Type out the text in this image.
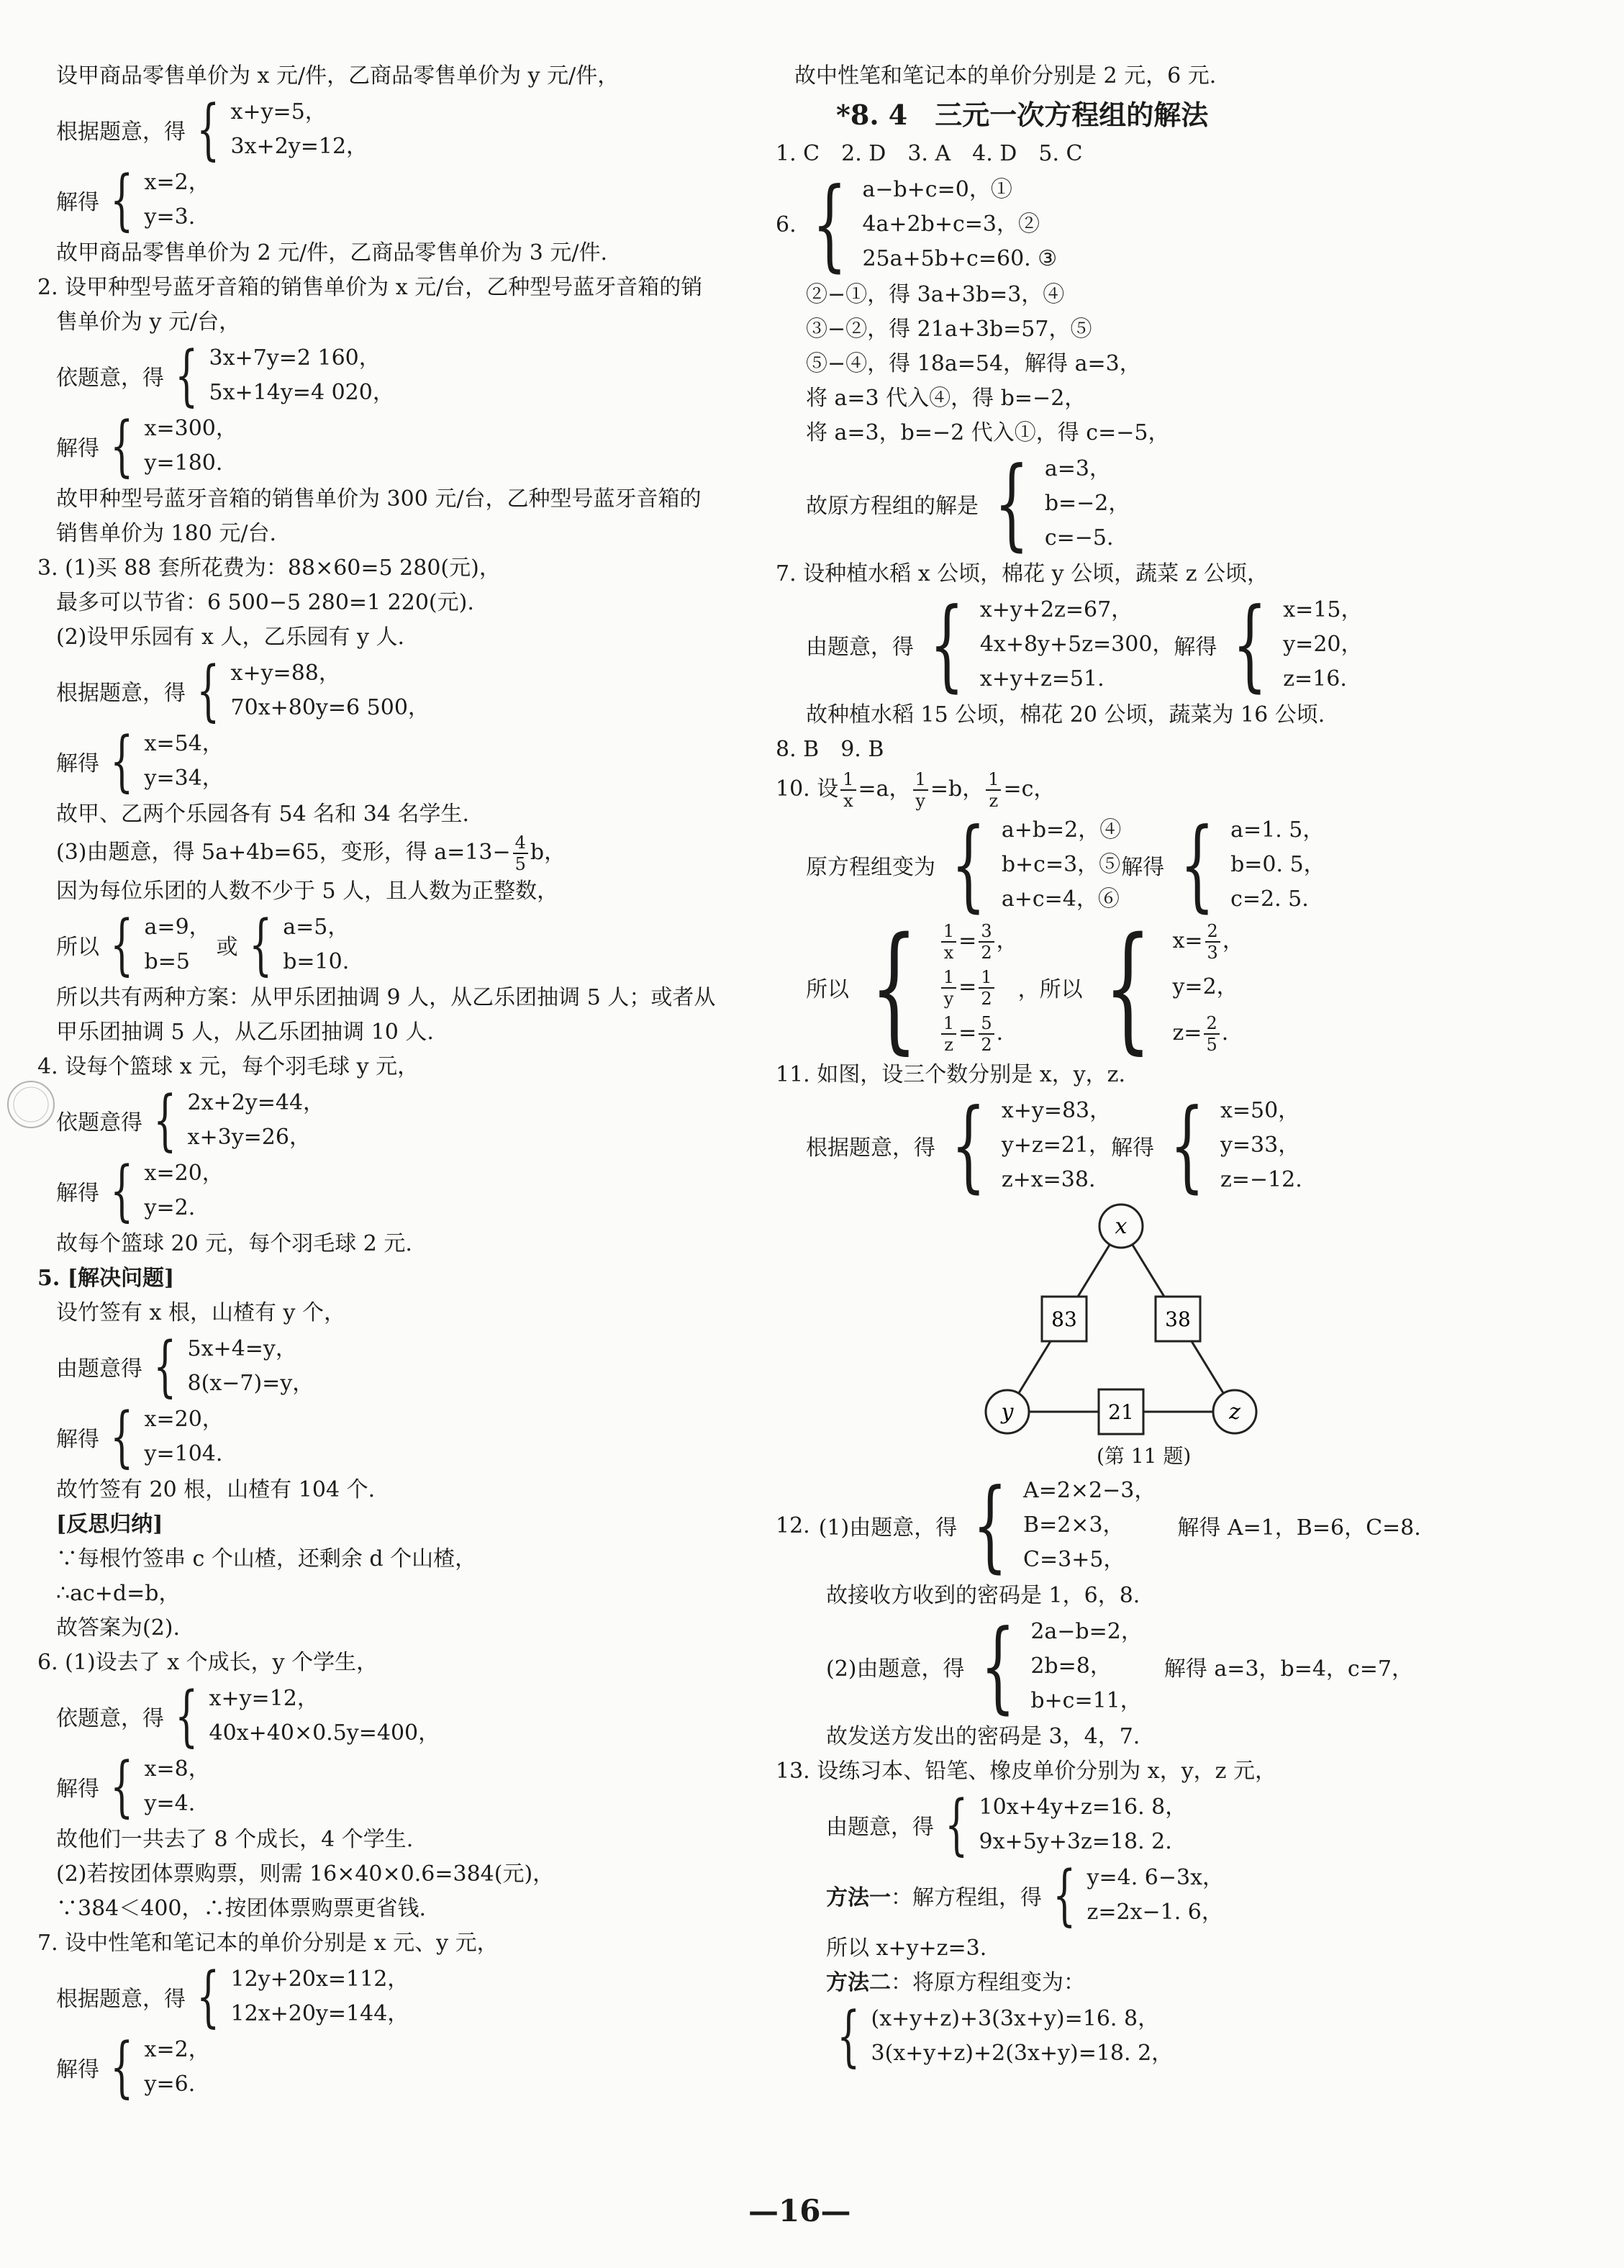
设甲商品零售单价为 x 元/件，乙商品零售单价为 y 元/件，
根据题意，得 { x+y=5，
3x+2y=12，
解得 { x=2，
y=3.
故甲商品零售单价为 2 元/件，乙商品零售单价为 3 元/件.
2. 设甲种型号蓝牙音箱的销售单价为 x 元/台，乙种型号蓝牙音箱的销
售单价为 y 元/台，
依题意，得 { 3x+7y=2 160，
5x+14y=4 020，
解得 { x=300，
y=180.
故甲种型号蓝牙音箱的销售单价为 300 元/台，乙种型号蓝牙音箱的
销售单价为 180 元/台.
3. (1)买 88 套所花费为：88×60=5 280(元)，
最多可以节省：6 500−5 280=1 220(元).
(2)设甲乐园有 x 人，乙乐园有 y 人.
根据题意，得 { x+y=88，
70x+80y=6 500，
解得 { x=54，
y=34，
故甲、乙两个乐园各有 54 名和 34 名学生.
(3)由题意，得 5a+4b=65，变形，得 $a=13- \frac{4}{5}$ b，
因为每位乐团的人数不少于 5 人，且人数为正整数，
所以 { a=9，
b=5
或 { a=5，
b=10.
所以共有两种方案：从甲乐团抽调 9 人，从乙乐团抽调 5 人；或者从
甲乐团抽调 5 人，从乙乐团抽调 10 人.
4. 设每个篮球 x 元，每个羽毛球 y 元，
依题意得 { 2x+2y=44，
x+3y=26，
解得 { x=20，
y=2.
故每个篮球 20 元，每个羽毛球 2 元.
5. [解决问题]
设竹签有 x 根，山楂有 y 个，
由题意得 { 5x+4=y，
8(x−7)=y，
解得 { x=20，
y=104.
故竹签有 20 根，山楂有 104 个.
[反思归纳]
∵每根竹签串 c 个山楂，还剩余 d 个山楂，
∴ac+d=b，
故答案为(2).
6. (1)设去了 x 个成长，y 个学生，
依题意，得 { x+y=12，
40x+40×0.5y=400，
解得 { x=8，
y=4.
故他们一共去了 8 个成长，4 个学生.
(2)若按团体票购票，则需 16×40×0.6=384(元)，
∵384＜400，∴按团体票购票更省钱.
7. 设中性笔和笔记本的单价分别是 x 元、y 元，
根据题意，得 { 12y+20x=112，
12x+20y=144，
解得 { x=2，
y=6.
故中性笔和笔记本的单价分别是 2 元，6 元.
*8. 4　三元一次方程组的解法
1. C　2. D　3. A　4. D　5. C
6. { a−b+c=0，①
4a+2b+c=3，②
25a+5b+c=60. ③
②−①，得 3a+3b=3，④
③−②，得 21a+3b=57，⑤
⑤−④，得 18a=54，解得 a=3，
将 a=3 代入④，得 b=−2，
将 a=3，b=−2 代入①，得 c=−5，
故原方程组的解是 { a=3，
b=−2，
c=−5.
7. 设种植水稻 x 公顷，棉花 y 公顷，蔬菜 z 公顷，
由题意，得 { x+y+2z=67，
4x+8y+5z=300，
x+y+z=51.
解得 { x=15，
y=20，
z=16.
故种植水稻 15 公顷，棉花 20 公顷，蔬菜为 16 公顷.
8. B　9. B
10. 设 $\frac{1}{x} =a$， $\frac{1}{y} =b$， $\frac{1}{z} =c$，
原方程组变为 { a+b=2，④
b+c=3，⑤
a+c=4，⑥
解得 { a=1. 5，
b=0. 5，
c=2. 5.
所以 { $\frac{1}{x} = \frac{3}{2}$ ，
$\frac{1}{y} = \frac{1}{2}$
$\frac{1}{z} = \frac{5}{2}$ .
，所以 { $x= \frac{2}{3}$ ，
y=2，
$z= \frac{2}{5}$ .
11. 如图，设三个数分别是 x，y，z.
根据题意，得 { x+y=83，
y+z=21，
z+x=38.
解得 { x=50，
y=33，
z=−12.
x
y	z
83	38
21
(第 11 题)
12. (1)由题意，得 { A=2×2−3，
B=2×3，
C=3+5，
解得 A=1，B=6，C=8.
故接收方收到的密码是 1，6，8.
(2)由题意，得 { 2a−b=2，
2b=8，
b+c=11，
解得 a=3，b=4，c=7，
故发送方发出的密码是 3，4，7.
13. 设练习本、铅笔、橡皮单价分别为 x，y，z 元，
由题意，得 { 10x+4y+z=16. 8，
9x+5y+3z=18. 2.
方法一 ：解方程组，得 { y=4. 6−3x，
z=2x−1. 6，
所以 x+y+z=3.
方法二：将原方程组变为：
{ (x+y+z)+3(3x+y)=16. 8，
3(x+y+z)+2(3x+y)=18. 2，
—16—
